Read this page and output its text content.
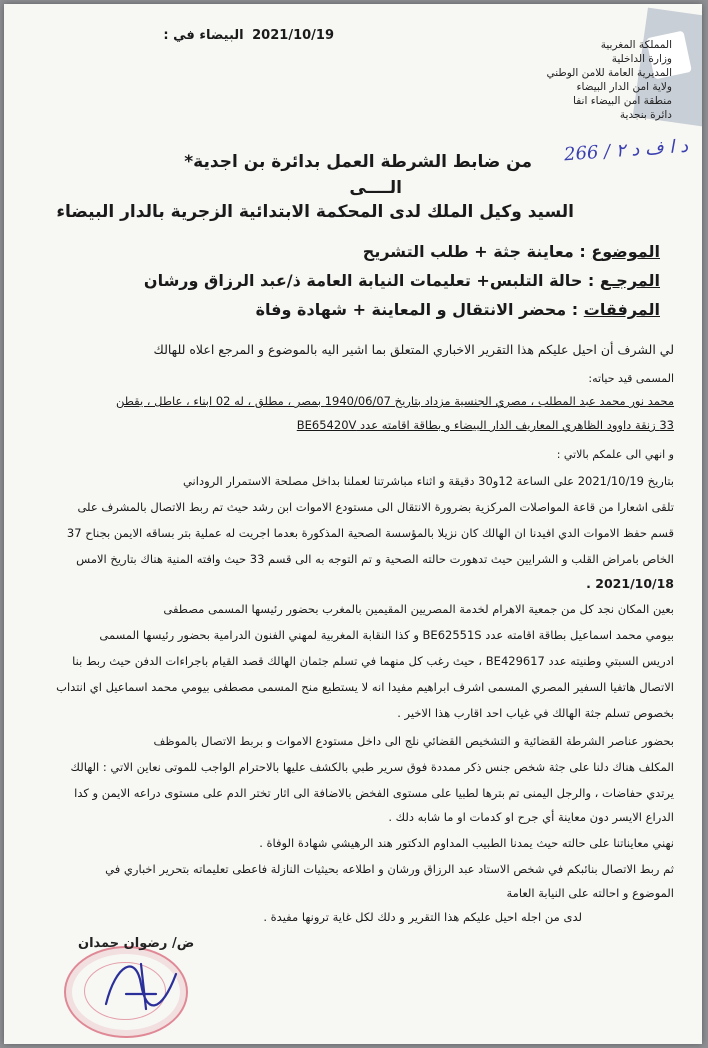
2021/10/19 البيضاء في :

المملكة المغربية
وزارة الداخلية
المديرية العامة للامن الوطني
ولاية امن الدار البيضاء
منطقة امن البيضاء انفا
دائرة بنجدية
266 / د ا ف د ٢

من ضابط الشرطة العمل بدائرة بن اجدية*

الــــى

السيد وكيل الملك لدى المحكمة الابتدائية الزجرية بالدار البيضاء

الموضوع : معاينة جثة + طلب التشريح

المرجـع : حالة التلبس+ تعليمات النيابة العامة ذ/عبد الرزاق ورشان

المرفقات : محضر الانتقال و المعاينة + شهادة وفاة

لي الشرف أن احيل عليكم هذا التقرير الاخباري المتعلق بما اشير اليه بالموضوع و المرجع اعلاه للهالك

المسمى قيد حياته:

محمد نور محمد عبد المطلب ، مصري الجنسية مزداد بتاريخ 1940/06/07 بمصر ، مطلق ، له 02 ابناء ، عاطل ، يقطن

33 زنقة داوود الظاهري المعاريف الدار البيضاء و بطاقة اقامته عدد BE65420V

و انهي الى علمكم بالاتي :

بتاريخ 2021/10/19 على الساعة 12و30 دقيقة و اثناء مباشرتنا لعملنا بداخل مصلحة الاستمرار الروداني

تلقى اشعارا من قاعة المواصلات المركزية بضرورة الانتقال الى مستودع الاموات ابن رشد حيث تم ربط الاتصال بالمشرف على

قسم حفظ الاموات الدي افيدنا ان الهالك كان نزيلا بالمؤسسة الصحية المذكورة بعدما اجريت له عملية بتر بساقه الايمن بجناح 37

الخاص بامراض القلب و الشرايين حيث تدهورت حالته الصحية و تم التوجه به الى قسم 33 حيث وافته المنية هناك بتاريخ الامس

2021/10/18 .

بعين المكان نجد كل من جمعية الاهرام لخدمة المصريين المقيمين بالمغرب بحضور رئيسها المسمى مصطفى

بيومي محمد اسماعيل بطاقة اقامته عدد BE62551S و كذا النقابة المغربية لمهني الفنون الدرامية بحضور رئيسها المسمى

ادريس السبتي وطنيته عدد BE429617 ، حيث رغب كل منهما في تسلم جثمان الهالك قصد القيام باجراءات الدفن حيث ربط بنا

الاتصال هاتفيا السفير المصري المسمى اشرف ابراهيم مفيدا انه لا يستطيع منح المسمى مصطفى بيومي محمد اسماعيل اي انتداب

بخصوص تسلم جثة الهالك في غياب احد اقارب هذا الاخير .

بحضور عناصر الشرطة القضائية و التشخيص القضائي نلج الى داخل مستودع الاموات و بربط الاتصال بالموظف

المكلف هناك دلنا على جثة شخص جنس ذكر ممددة فوق سرير طبي بالكشف عليها بالاحترام الواجب للموتى نعاين الاتي : الهالك

يرتدي حفاضات ، والرجل اليمنى تم بترها لطبيا على مستوى الفخض بالاضافة الى اثار تختر الدم على مستوى دراعه الايمن و كدا

الدراع الايسر دون معاينة أي جرح او كدمات او ما شابه دلك .

نهني معايناتنا على حالته حيث يمدنا الطبيب المداوم الدكتور هند الرهيشي شهادة الوفاة .

ثم ربط الاتصال بنائبكم في شخص الاستاد عبد الرزاق ورشان و اطلاعه بحيثيات النازلة فاعطى تعليماته بتحرير اخباري في

الموضوع و احالته على النيابة العامة

لدى من اجله احيل عليكم هذا التقرير و دلك لكل غاية ترونها مفيدة .

ض/ رضوان حمدان
